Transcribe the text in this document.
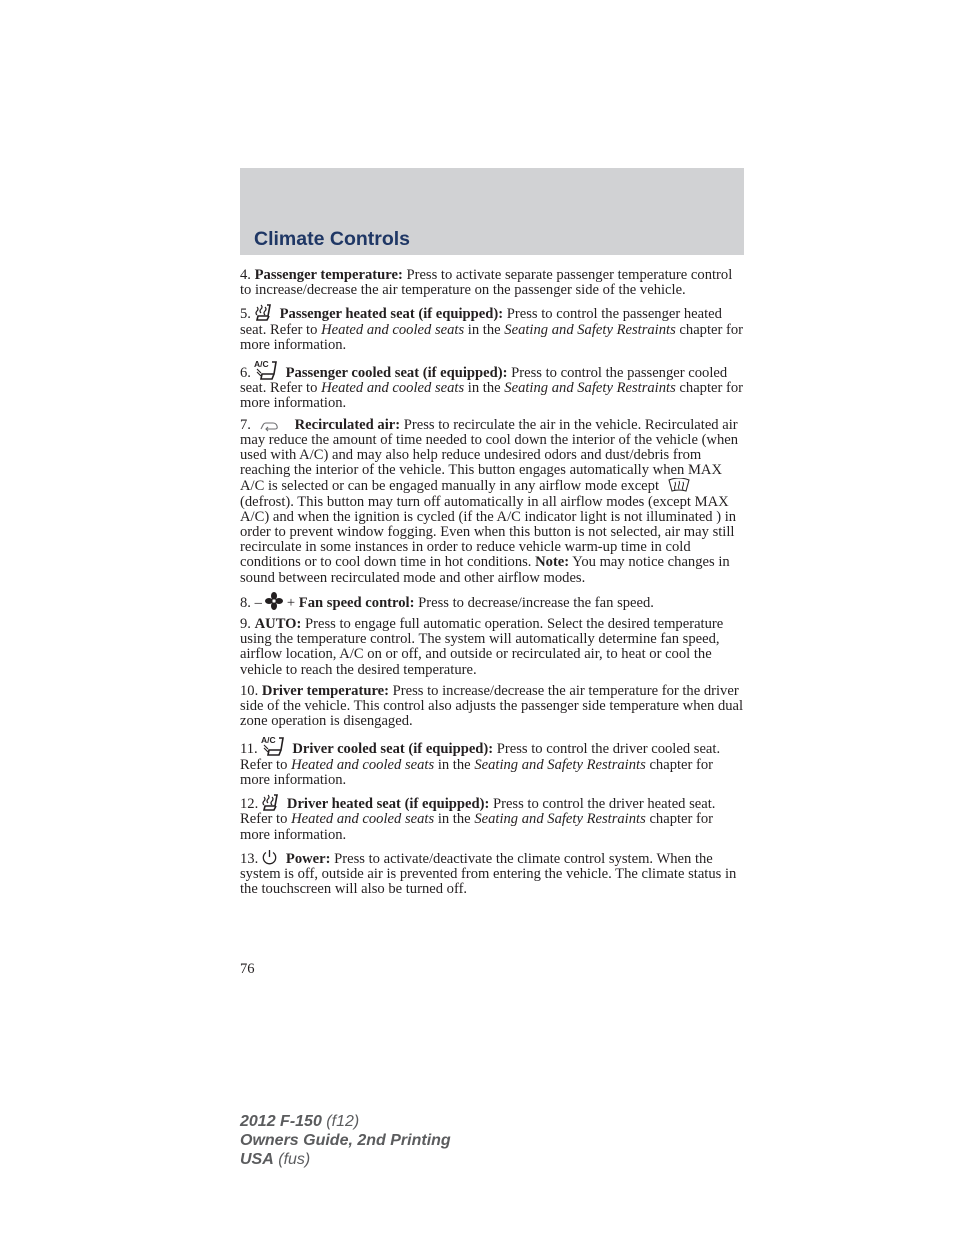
Climate Controls

4. Passenger temperature: Press to activate separate passenger temperature control to increase/decrease the air temperature on the passenger side of the vehicle.

5. Passenger heated seat (if equipped): Press to control the passenger heated seat. Refer to Heated and cooled seats in the Seating and Safety Restraints chapter for more information.

6.
A/C
Passenger cooled seat (if equipped): Press to control the passenger cooled seat. Refer to Heated and cooled seats in the Seating and Safety Restraints chapter for more information.

7.	Recirculated air: Press to recirculate the air in the vehicle. Recirculated air may reduce the amount of time needed to cool down the interior of the vehicle (when used with A/C) and may also help reduce undesired odors and dust/debris from reaching the interior of the vehicle. This button engages automatically when MAX A/C is selected or can be engaged manually in any airflow mode except
(defrost). This button may turn off automatically in all airflow modes (except MAX A/C) and when the ignition is cycled (if the A/C indicator light is not illuminated ) in order to prevent window fogging. Even when this button is not selected, air may still recirculate in some instances in order to reduce vehicle warm-up time in cold conditions or to cool down time in hot conditions. Note: You may notice changes in sound between recirculated mode and other airflow modes.

8. – + Fan speed control: Press to decrease/increase the fan speed.

9. AUTO: Press to engage full automatic operation. Select the desired temperature using the temperature control. The system will automatically determine fan speed, airflow location, A/C on or off, and outside or recirculated air, to heat or cool the vehicle to reach the desired temperature.

10. Driver temperature: Press to increase/decrease the air temperature for the driver side of the vehicle. This control also adjusts the passenger side temperature when dual zone operation is disengaged.

11.
A/C
Driver cooled seat (if equipped): Press to control the driver cooled seat. Refer to Heated and cooled seats in the Seating and Safety Restraints chapter for more information.

12. Driver heated seat (if equipped): Press to control the driver heated seat. Refer to Heated and cooled seats in the Seating and Safety Restraints chapter for more information.

13. Power: Press to activate/deactivate the climate control system. When the system is off, outside air is prevented from entering the vehicle. The climate status in the touchscreen will also be turned off.

76
2012 F-150 (f12)
Owners Guide, 2nd Printing
USA (fus)
